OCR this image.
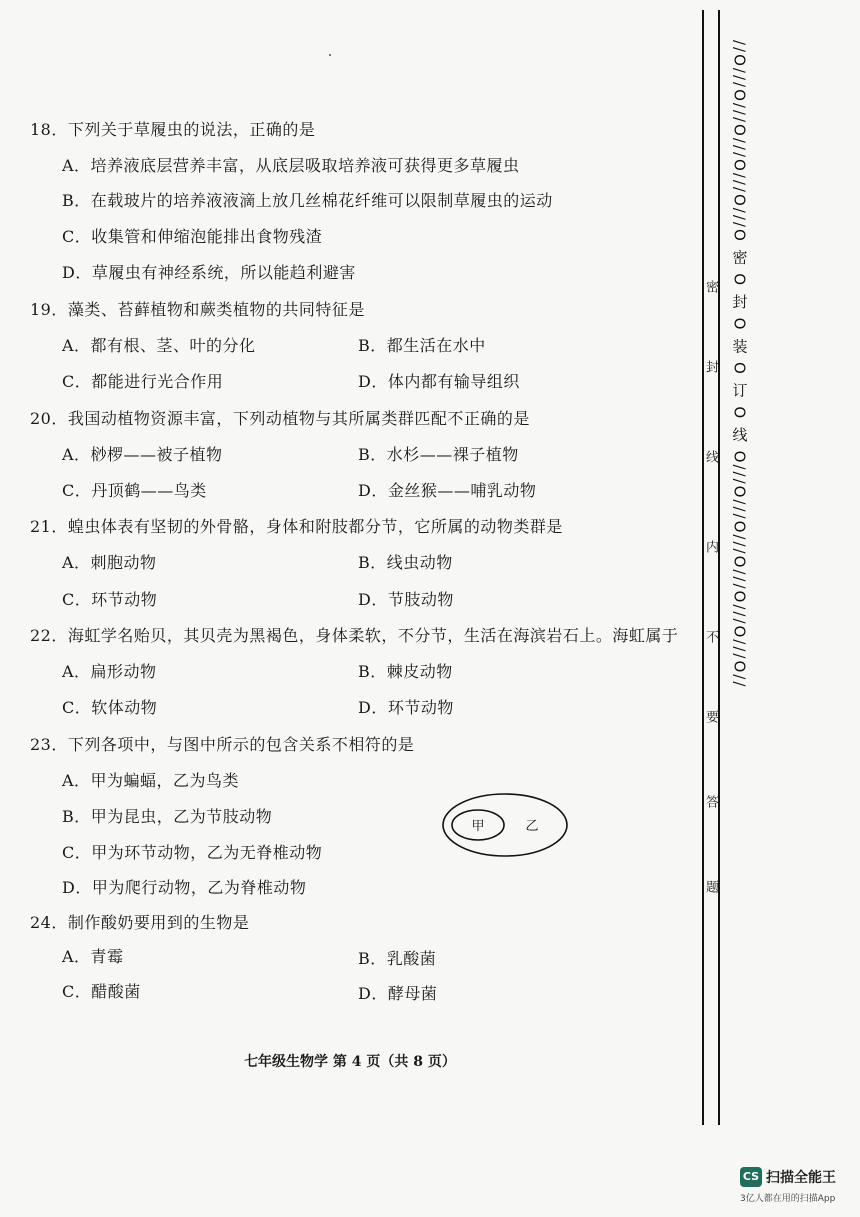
18．下列关于草履虫的说法，正确的是
A．培养液底层营养丰富，从底层吸取培养液可获得更多草履虫
B．在载玻片的培养液液滴上放几丝棉花纤维可以限制草履虫的运动
C．收集管和伸缩泡能排出食物残渣
D．草履虫有神经系统，所以能趋利避害
19．藻类、苔藓植物和蕨类植物的共同特征是
A．都有根、茎、叶的分化	B．都生活在水中
C．都能进行光合作用	D．体内都有输导组织
20．我国动植物资源丰富，下列动植物与其所属类群匹配不正确的是
A．桫椤——被子植物	B．水杉——裸子植物
C．丹顶鹤——鸟类	D．金丝猴——哺乳动物
21．蝗虫体表有坚韧的外骨骼，身体和附肢都分节，它所属的动物类群是
A．刺胞动物	B．线虫动物
C．环节动物	D．节肢动物
22．海虹学名贻贝，其贝壳为黑褐色，身体柔软，不分节，生活在海滨岩石上。海虹属于
A．扁形动物	B．棘皮动物
C．软体动物	D．环节动物
23．下列各项中，与图中所示的包含关系不相符的是
A．甲为蝙蝠，乙为鸟类
B．甲为昆虫，乙为节肢动物
C．甲为环节动物，乙为无脊椎动物
D．甲为爬行动物，乙为脊椎动物
甲	乙
24．制作酸奶要用到的生物是
A．青霉	B．乳酸菌
C．醋酸菌	D．酵母菌
七年级生物学 第 4 页（共 8 页）
密
封
线
内
不
要
答
题
//O///O///O///O///O///O 密 O 封 O 装 O 订 O 线 O///O///O///O///O///O///O//
CS 扫描全能王
3亿人都在用的扫描App
